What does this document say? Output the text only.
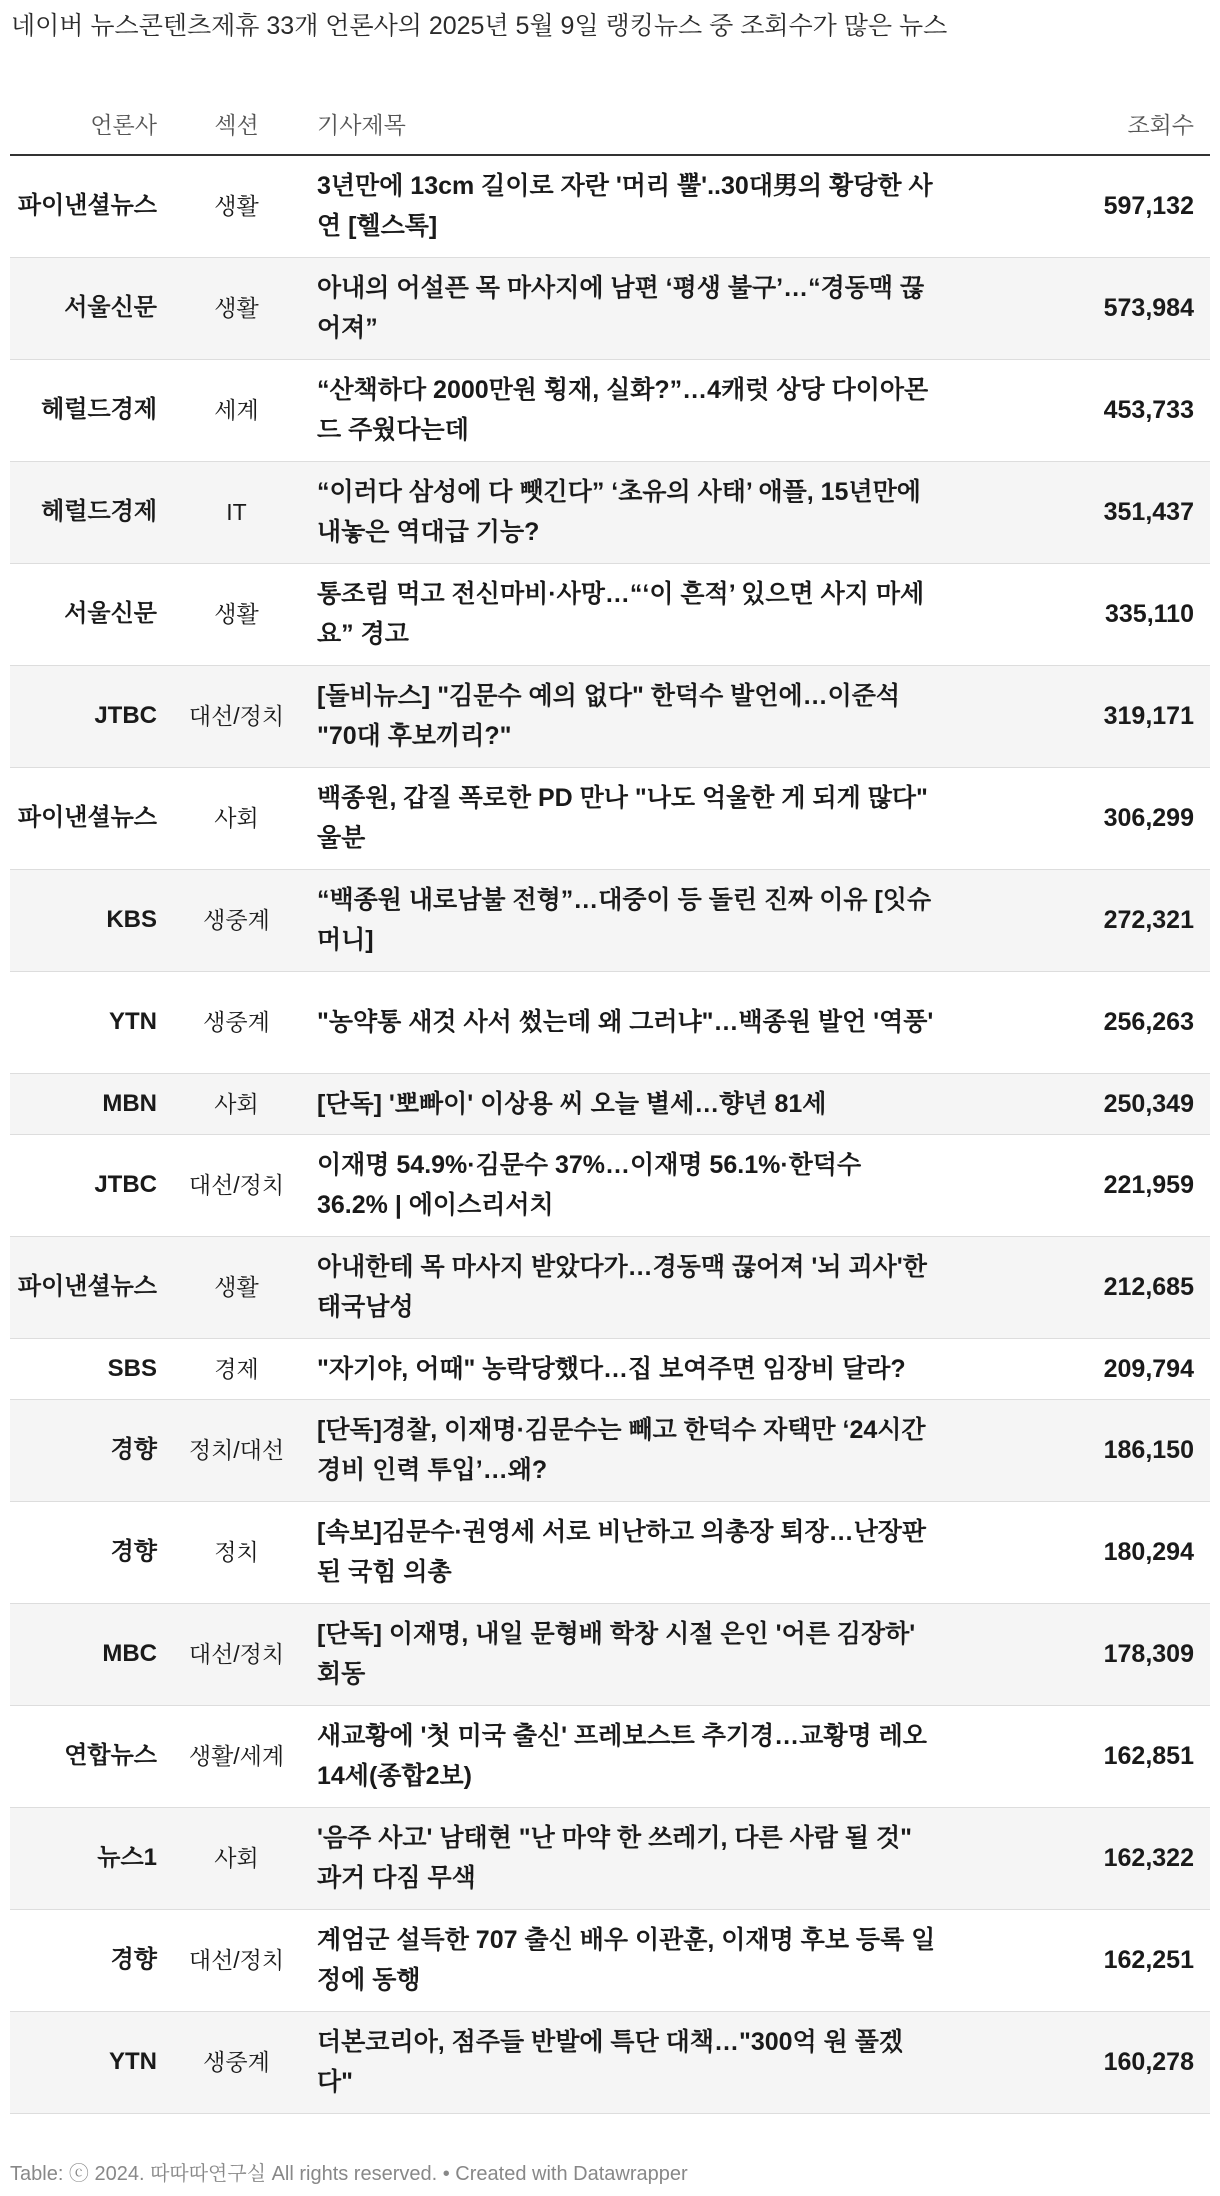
네이버 뉴스콘텐츠제휴 33개 언론사의 2025년 5월 9일 랭킹뉴스 중 조회수가 많은 뉴스
언론사	섹션	기사제목	조회수
파이낸셜뉴스	생활	3년만에 13cm 길이로 자란 '머리 뿔'..30대男의 황당한 사연 [헬스톡]	597,132
서울신문	생활	아내의 어설픈 목 마사지에 남편 ‘평생 불구’…“경동맥 끊어져”	573,984
헤럴드경제	세계	“산책하다 2000만원 횡재, 실화?”…4캐럿 상당 다이아몬드 주웠다는데	453,733
헤럴드경제	IT	“이러다 삼성에 다 뺏긴다” ‘초유의 사태’ 애플, 15년만에 내놓은 역대급 기능?	351,437
서울신문	생활	통조림 먹고 전신마비·사망…“‘이 흔적’ 있으면 사지 마세요” 경고	335,110
JTBC	대선/정치	[돌비뉴스] "김문수 예의 없다" 한덕수 발언에…이준석 "70대 후보끼리?"	319,171
파이낸셜뉴스	사회	백종원, 갑질 폭로한 PD 만나 "나도 억울한 게 되게 많다" 울분	306,299
KBS	생중계	“백종원 내로남불 전형”…대중이 등 돌린 진짜 이유 [잇슈 머니]	272,321
YTN	생중계	"농약통 새것 사서 썼는데 왜 그러냐"…백종원 발언 '역풍'	256,263
MBN	사회	[단독] '뽀빠이' 이상용 씨 오늘 별세…향년 81세	250,349
JTBC	대선/정치	이재명 54.9%·김문수 37%…이재명 56.1%·한덕수 36.2% | 에이스리서치	221,959
파이낸셜뉴스	생활	아내한테 목 마사지 받았다가…경동맥 끊어져 '뇌 괴사'한 태국남성	212,685
SBS	경제	"자기야, 어때" 농락당했다…집 보여주면 임장비 달라?	209,794
경향	정치/대선	[단독]경찰, 이재명·김문수는 빼고 한덕수 자택만 ‘24시간 경비 인력 투입’…왜?	186,150
경향	정치	[속보]김문수·권영세 서로 비난하고 의총장 퇴장…난장판 된 국힘 의총	180,294
MBC	대선/정치	[단독] 이재명, 내일 문형배 학창 시절 은인 '어른 김장하' 회동	178,309
연합뉴스	생활/세계	새교황에 '첫 미국 출신' 프레보스트 추기경…교황명 레오 14세(종합2보)	162,851
뉴스1	사회	'음주 사고' 남태현 "난 마약 한 쓰레기, 다른 사람 될 것" 과거 다짐 무색	162,322
경향	대선/정치	계엄군 설득한 707 출신 배우 이관훈, 이재명 후보 등록 일정에 동행	162,251
YTN	생중계	더본코리아, 점주들 반발에 특단 대책…"300억 원 풀겠다"	160,278
Table: ⓒ 2024. 따따따연구실 All rights reserved. • Created with Datawrapper
